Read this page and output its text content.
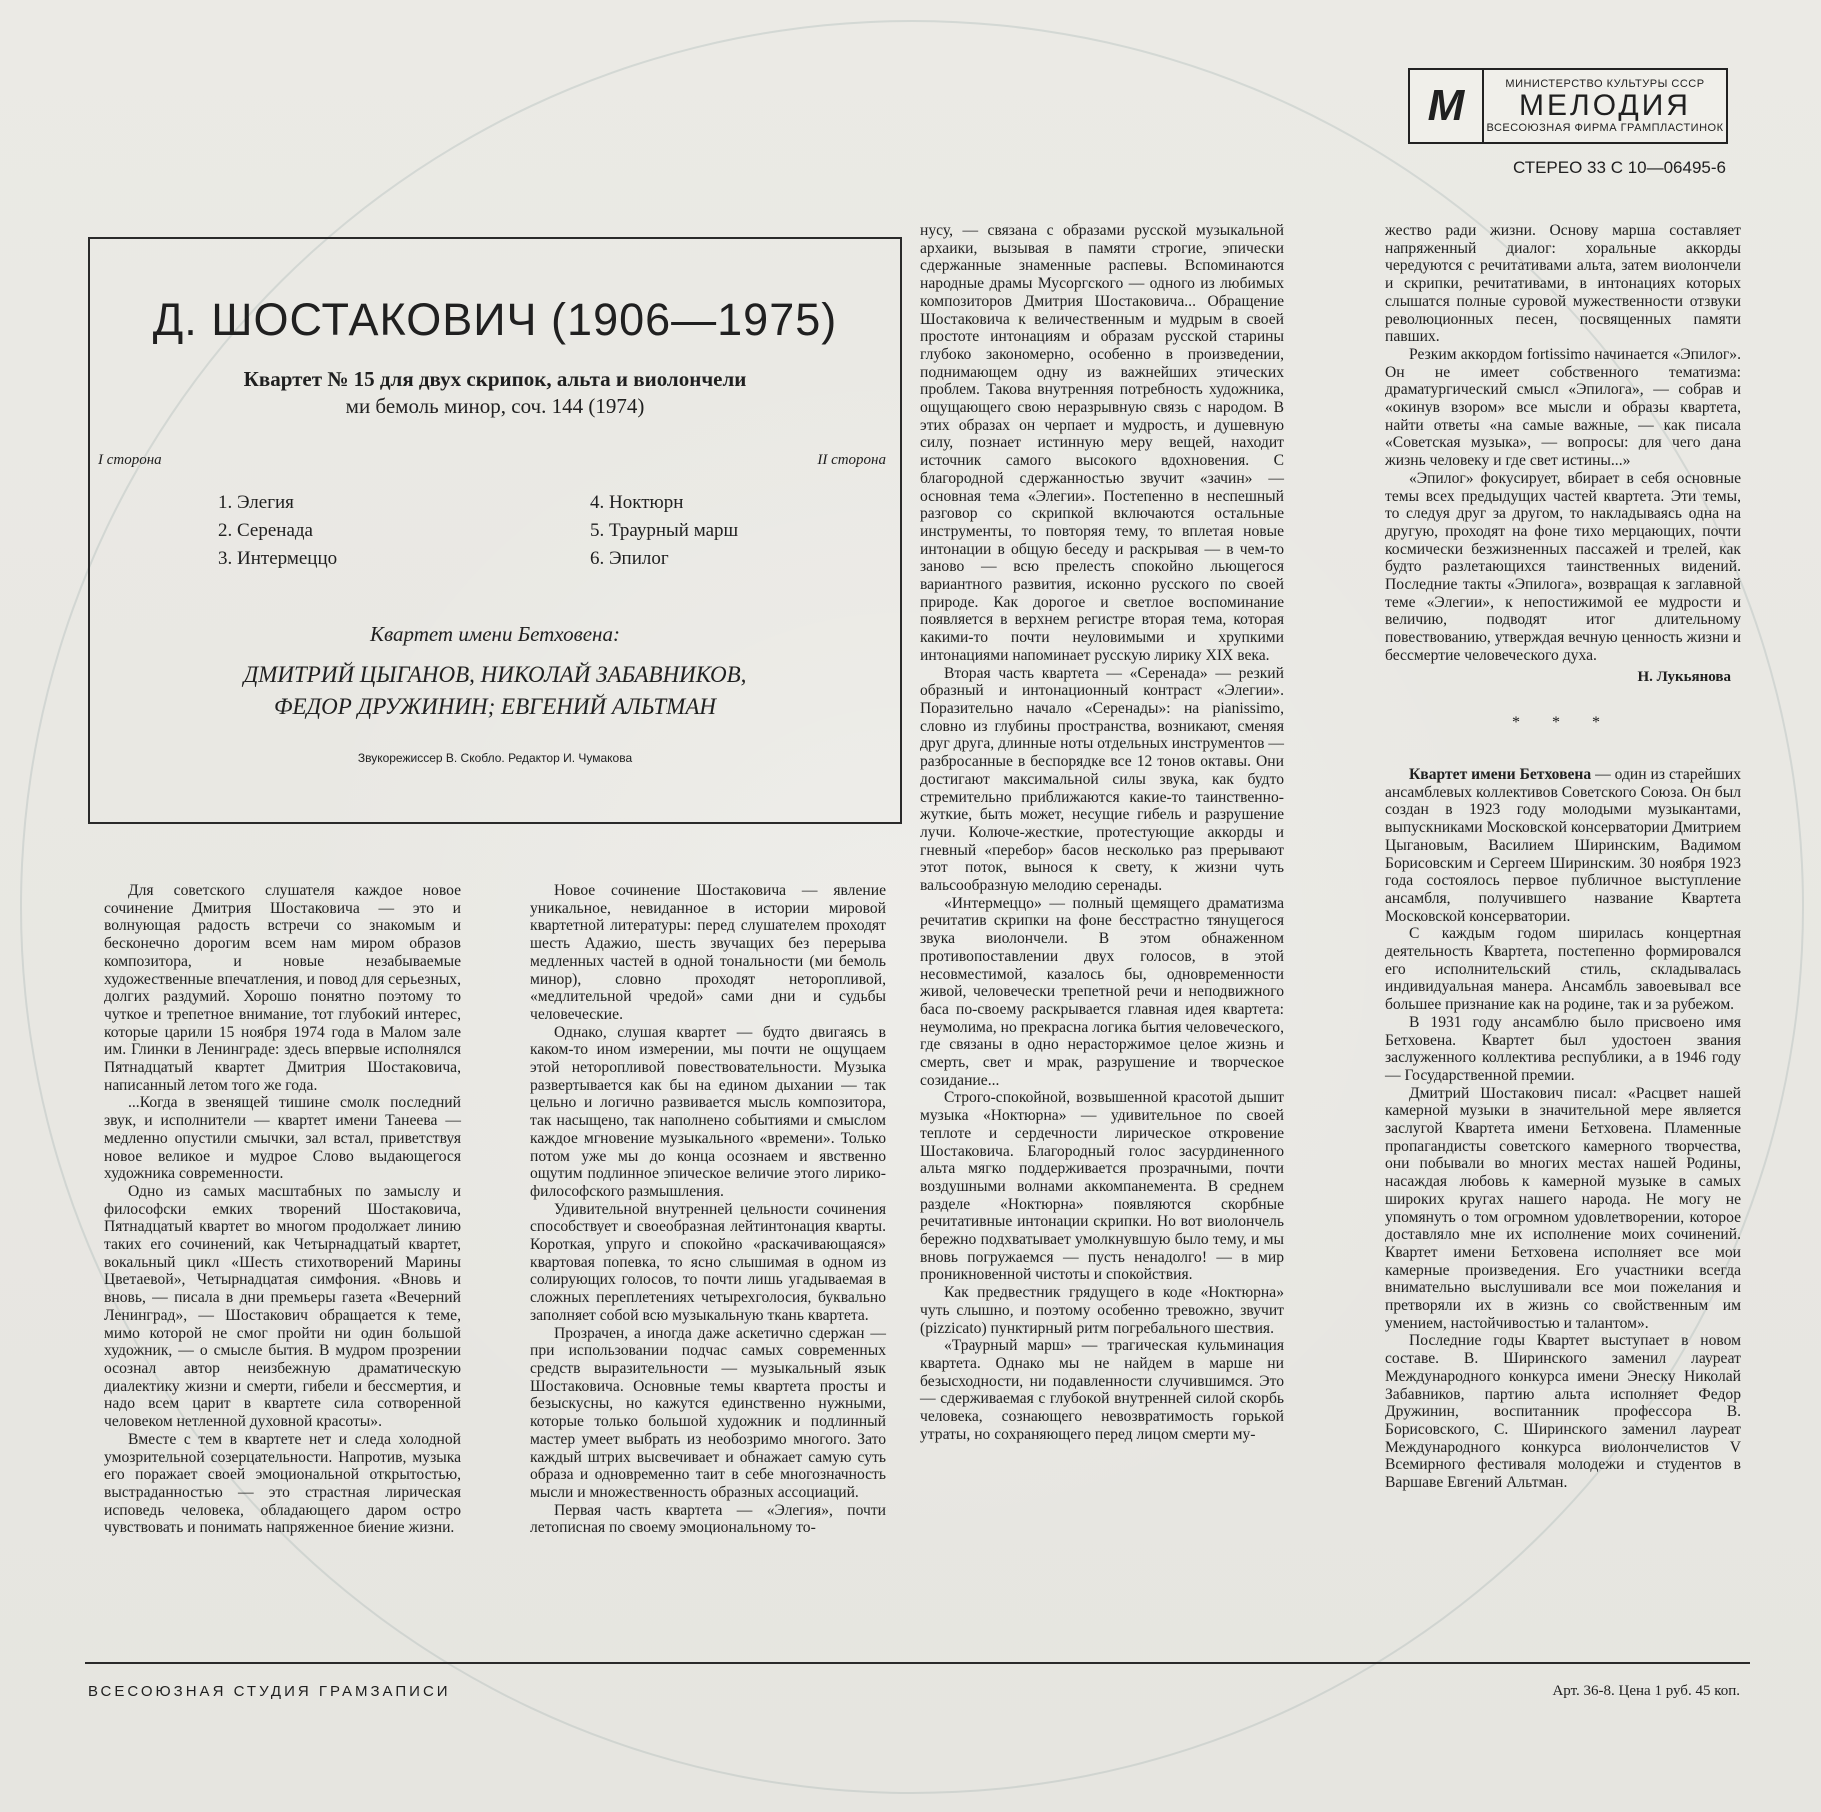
M	МИНИСТЕРСТВО КУЛЬТУРЫ СССР
МЕЛОДИЯ
ВСЕСОЮЗНАЯ ФИРМА ГРАМПЛАСТИНОК
СТЕРЕО 33 С 10—06495-6
Д. ШОСТАКОВИЧ (1906—1975)
Квартет № 15 для двух скрипок, альта и виолончели
ми бемоль минор, соч. 144 (1974)
I сторона	II сторона
1. Элегия
2. Серенада
3. Интермеццо
4. Ноктюрн
5. Траурный марш
6. Эпилог
Квартет имени Бетховена:
ДМИТРИЙ ЦЫГАНОВ, НИКОЛАЙ ЗАБАВНИКОВ,
ФЕДОР ДРУЖИНИН; ЕВГЕНИЙ АЛЬТМАН
Звукорежиссер В. Скобло. Редактор И. Чумакова

Для советского слушателя каждое новое сочинение Дмитрия Шостаковича — это и волнующая радость встречи со знакомым и бесконечно дорогим всем нам миром образов композитора, и новые незабываемые художественные впечатления, и повод для серьезных, долгих раздумий. Хорошо понятно поэтому то чуткое и трепетное внимание, тот глубокий интерес, которые царили 15 ноября 1974 года в Малом зале им. Глинки в Ленинграде: здесь впервые исполнялся Пятнадцатый квартет Дмитрия Шостаковича, написанный летом того же года.

...Когда в звенящей тишине смолк последний звук, и исполнители — квартет имени Танеева — медленно опустили смычки, зал встал, приветствуя новое великое и мудрое Слово выдающегося художника современности.

Одно из самых масштабных по замыслу и философски емких творений Шостаковича, Пятнадцатый квартет во многом продолжает линию таких его сочинений, как Четырнадцатый квартет, вокальный цикл «Шесть стихотворений Марины Цветаевой», Четырнадцатая симфония. «Вновь и вновь, — писала в дни премьеры газета «Вечерний Ленинград», — Шостакович обращается к теме, мимо которой не смог пройти ни один большой художник, — о смысле бытия. В мудром прозрении осознал автор неизбежную драматическую диалектику жизни и смерти, гибели и бессмертия, и надо всем царит в квартете сила сотворенной человеком нетленной духовной красоты».

Вместе с тем в квартете нет и следа холодной умозрительной созерцательности. Напротив, музыка его поражает своей эмоциональной открытостью, выстраданностью — это страстная лирическая исповедь человека, обладающего даром остро чувствовать и понимать напряженное биение жизни.

Новое сочинение Шостаковича — явление уникальное, невиданное в истории мировой квартетной литературы: перед слушателем проходят шесть Адажио, шесть звучащих без перерыва медленных частей в одной тональности (ми бемоль минор), словно проходят неторопливой, «медлительной чредой» сами дни и судьбы человеческие.

Однако, слушая квартет — будто двигаясь в каком-то ином измерении, мы почти не ощущаем этой неторопливой повествовательности. Музыка развертывается как бы на едином дыхании — так цельно и логично развивается мысль композитора, так насыщено, так наполнено событиями и смыслом каждое мгновение музыкального «времени». Только потом уже мы до конца осознаем и явственно ощутим подлинное эпическое величие этого лирико-философского размышления.

Удивительной внутренней цельности сочинения способствует и своеобразная лейтинтонация кварты. Короткая, упруго и спокойно «раскачивающаяся» квартовая попевка, то ясно слышимая в одном из солирующих голосов, то почти лишь угадываемая в сложных переплетениях четырехголосия, буквально заполняет собой всю музыкальную ткань квартета.

Прозрачен, а иногда даже аскетично сдержан — при использовании подчас самых современных средств выразительности — музыкальный язык Шостаковича. Основные темы квартета просты и безыскусны, но кажутся единственно нужными, которые только большой художник и подлинный мастер умеет выбрать из необозримо многого. Зато каждый штрих высвечивает и обнажает самую суть образа и одновременно таит в себе многозначность мысли и множественность образных ассоциаций.

Первая часть квартета — «Элегия», почти летописная по своему эмоциональному то-

нусу, — связана с образами русской музыкальной архаики, вызывая в памяти строгие, эпически сдержанные знаменные распевы. Вспоминаются народные драмы Мусоргского — одного из любимых композиторов Дмитрия Шостаковича... Обращение Шостаковича к величественным и мудрым в своей простоте интонациям и образам русской старины глубоко закономерно, особенно в произведении, поднимающем одну из важнейших этических проблем. Такова внутренняя потребность художника, ощущающего свою неразрывную связь с народом. В этих образах он черпает и мудрость, и душевную силу, познает истинную меру вещей, находит источник самого высокого вдохновения. С благородной сдержанностью звучит «зачин» — основная тема «Элегии». Постепенно в неспешный разговор со скрипкой включаются остальные инструменты, то повторяя тему, то вплетая новые интонации в общую беседу и раскрывая — в чем-то заново — всю прелесть спокойно льющегося вариантного развития, исконно русского по своей природе. Как дорогое и светлое воспоминание появляется в верхнем регистре вторая тема, которая какими-то почти неуловимыми и хрупкими интонациями напоминает русскую лирику XIX века.

Вторая часть квартета — «Серенада» — резкий образный и интонационный контраст «Элегии». Поразительно начало «Серенады»: на pianissimo, словно из глубины пространства, возникают, сменяя друг друга, длинные ноты отдельных инструментов — разбросанные в беспорядке все 12 тонов октавы. Они достигают максимальной силы звука, как будто стремительно приближаются какие-то таинственно-жуткие, быть может, несущие гибель и разрушение лучи. Колюче-жесткие, протестующие аккорды и гневный «перебор» басов несколько раз прерывают этот поток, вынося к свету, к жизни чуть вальсообразную мелодию серенады.

«Интермеццо» — полный щемящего драматизма речитатив скрипки на фоне бесстрастно тянущегося звука виолончели. В этом обнаженном противопоставлении двух голосов, в этой несовместимой, казалось бы, одновременности живой, человечески трепетной речи и неподвижного баса по-своему раскрывается главная идея квартета: неумолима, но прекрасна логика бытия человеческого, где связаны в одно нерасторжимое целое жизнь и смерть, свет и мрак, разрушение и творческое созидание...

Строго-спокойной, возвышенной красотой дышит музыка «Ноктюрна» — удивительное по своей теплоте и сердечности лирическое откровение Шостаковича. Благородный голос засурдиненного альта мягко поддерживается прозрачными, почти воздушными волнами аккомпанемента. В среднем разделе «Ноктюрна» появляются скорбные речитативные интонации скрипки. Но вот виолончель бережно подхватывает умолкнувшую было тему, и мы вновь погружаемся — пусть ненадолго! — в мир проникновенной чистоты и спокойствия.

Как предвестник грядущего в коде «Ноктюрна» чуть слышно, и поэтому особенно тревожно, звучит (pizzicato) пунктирный ритм погребального шествия.

«Траурный марш» — трагическая кульминация квартета. Однако мы не найдем в марше ни безысходности, ни подавленности случившимся. Это — сдерживаемая с глубокой внутренней силой скорбь человека, сознающего невозвратимость горькой утраты, но сохраняющего перед лицом смерти му-

жество ради жизни. Основу марша составляет напряженный диалог: хоральные аккорды чередуются с речитативами альта, затем виолончели и скрипки, речитативами, в интонациях которых слышатся полные суровой мужественности отзвуки революционных песен, посвященных памяти павших.

Резким аккордом fortissimo начинается «Эпилог». Он не имеет собственного тематизма: драматургический смысл «Эпилога», — собрав и «окинув взором» все мысли и образы квартета, найти ответы «на самые важные, — как писала «Советская музыка», — вопросы: для чего дана жизнь человеку и где свет истины...»

«Эпилог» фокусирует, вбирает в себя основные темы всех предыдущих частей квартета. Эти темы, то следуя друг за другом, то накладываясь одна на другую, проходят на фоне тихо мерцающих, почти космически безжизненных пассажей и трелей, как будто разлетающихся таинственных видений. Последние такты «Эпилога», возвращая к заглавной теме «Элегии», к непостижимой ее мудрости и величию, подводят итог длительному повествованию, утверждая вечную ценность жизни и бессмертие человеческого духа.

Н. Лукьянова

* * *

Квартет имени Бетховена — один из старейших ансамблевых коллективов Советского Союза. Он был создан в 1923 году молодыми музыкантами, выпускниками Московской консерватории Дмитрием Цыгановым, Василием Ширинским, Вадимом Борисовским и Сергеем Ширинским. 30 ноября 1923 года состоялось первое публичное выступление ансамбля, получившего название Квартета Московской консерватории.

С каждым годом ширилась концертная деятельность Квартета, постепенно формировался его исполнительский стиль, складывалась индивидуальная манера. Ансамбль завоевывал все большее признание как на родине, так и за рубежом.

В 1931 году ансамблю было присвоено имя Бетховена. Квартет был удостоен звания заслуженного коллектива республики, а в 1946 году — Государственной премии.

Дмитрий Шостакович писал: «Расцвет нашей камерной музыки в значительной мере является заслугой Квартета имени Бетховена. Пламенные пропагандисты советского камерного творчества, они побывали во многих местах нашей Родины, насаждая любовь к камерной музыке в самых широких кругах нашего народа. Не могу не упомянуть о том огромном удовлетворении, которое доставляло мне их исполнение моих сочинений. Квартет имени Бетховена исполняет все мои камерные произведения. Его участники всегда внимательно выслушивали все мои пожелания и претворяли их в жизнь со свойственным им умением, настойчивостью и талантом».

Последние годы Квартет выступает в новом составе. В. Ширинского заменил лауреат Международного конкурса имени Энеску Николай Забавников, партию альта исполняет Федор Дружинин, воспитанник профессора В. Борисовского, С. Ширинского заменил лауреат Международного конкурса виолончелистов V Всемирного фестиваля молодежи и студентов в Варшаве Евгений Альтман.

ВСЕСОЮЗНАЯ СТУДИЯ ГРАМЗАПИСИ	Арт. 36-8. Цена 1 руб. 45 коп.
